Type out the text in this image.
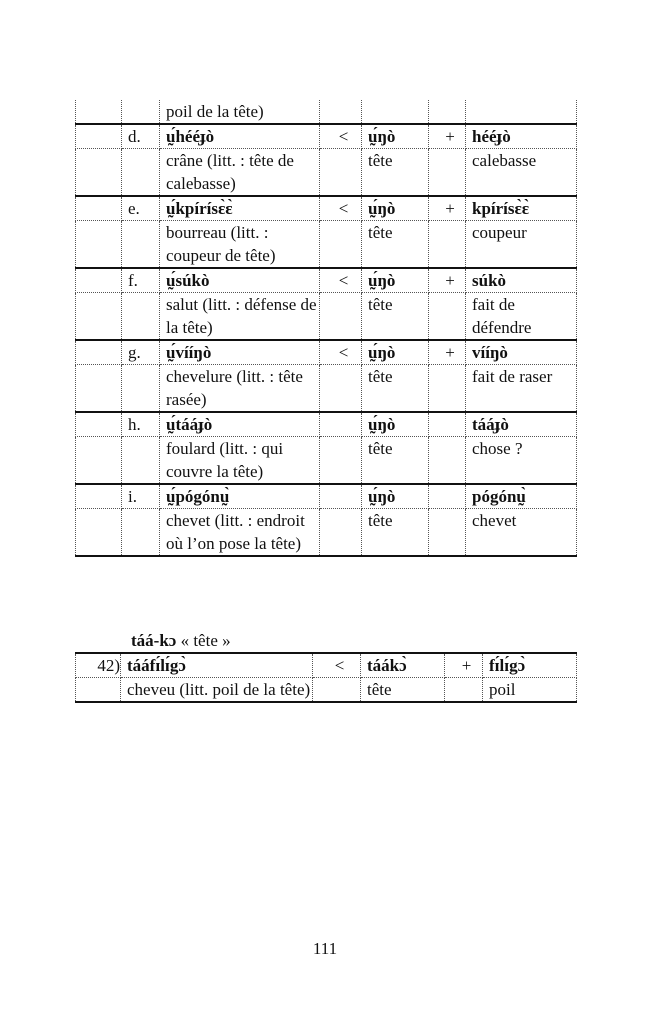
		poil de la tête)				
	d.	ṵ́hééɟò	<	ṵ́ŋò	+	hééɟò
		crâne (litt. : tête de calebasse)		tête		calebasse
	e.	ṵ́kpírísɛ̀ɛ̀	<	ṵ́ŋò	+	kpírísɛ̀ɛ̀
		bourreau (litt. : coupeur de tête)		tête		coupeur
	f.	ṵ́súkò	<	ṵ́ŋò	+	súkò
		salut (litt. : défense de la tête)		tête		fait de défendre
	g.	ṵ́vííŋò	<	ṵ́ŋò	+	vííŋò
		chevelure (litt. : tête rasée)		tête		fait de raser
	h.	ṵ́tááɟò		ṵ́ŋò		tááɟò
		foulard (litt. : qui couvre la tête)		tête		chose ?
	i.	ṵ́pógónṵ̀		ṵ́ŋò		pógónṵ̀
		chevet (litt. : endroit où l’on pose la tête)		tête		chevet
táá-kɔ « tête »
42)	tááfɪ́lɪ́gɔ̀	<	táákɔ̀	+	fɪ́lɪ́gɔ̀
	cheveu (litt. poil de la tête)		tête		poil
111
